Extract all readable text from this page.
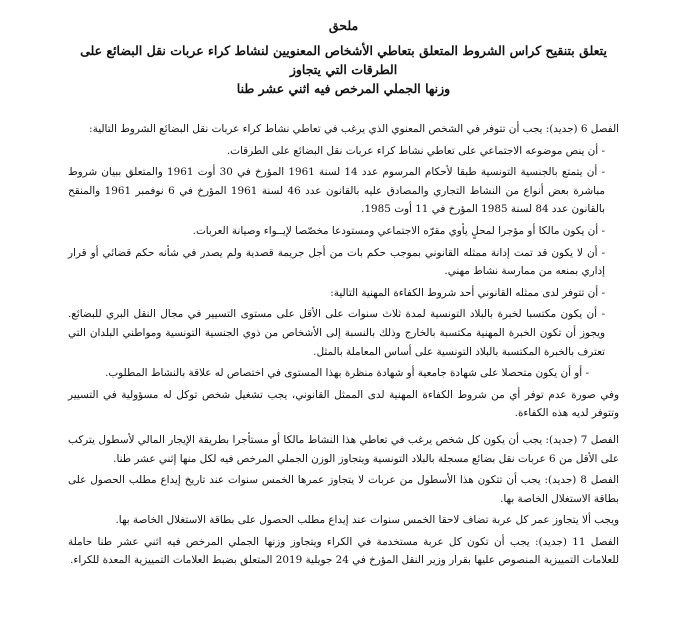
ملحق
يتعلق بتنقيح كراس الشروط المتعلق بتعاطي الأشخاص المعنويين لنشاط كراء عربات نقل البضائع على الطرقات التي يتجاوز
وزنها الجملي المرخص فيه اثني عشر طنا

الفصل 6 (جديد): يجب أن تتوفر في الشخص المعنوي الذي يرغب في تعاطي نشاط كراء عربات نقل البضائع الشروط التالية:

- أن ينص موضوعه الاجتماعي على تعاطي نشاط كراء عربات نقل البضائع على الطرقات.

- أن يتمتع بالجنسية التونسية طبقا لأحكام المرسوم عدد 14 لسنة 1961 المؤرخ في 30 أوت 1961 والمتعلق ببيان شروط مباشرة بعض أنواع من النشاط التجاري والمصادق عليه بالقانون عدد 46 لسنة 1961 المؤرخ في 6 نوفمبر 1961 والمنقح بالقانون عدد 84 لسنة 1985 المؤرخ في 11 أوت 1985.

- أن يكون مالكا أو مؤجرا لمحلٍ يأوي مقرّه الاجتماعي ومستودعا مخصّصا لإيــواء وصيانة العربات.

- أن لا يكون قد تمت إدانة ممثله القانوني بموجب حكم بات من أجل جريمة قصدية ولم يصدر في شأنه حكم قضائي أو قرار إداري بمنعه من ممارسة نشاط مهني.

- أن تتوفر لدى ممثله القانوني أحد شروط الكفاءة المهنية التالية:

- أن يكون مكتسبا لخبرة بالبلاد التونسية لمدة ثلاث سنوات على الأقل على مستوى التسيير في مجال النقل البري للبضائع. ويجوز أن تكون الخبرة المهنية مكتسبة بالخارج وذلك بالنسبة إلى الأشخاص من ذوي الجنسية التونسية ومواطني البلدان التي تعترف بالخبرة المكتسبة بالبلاد التونسية على أساس المعاملة بالمثل.

- أو أن يكون متحصلا على شهادة جامعية أو شهادة منظرة بهذا المستوى في اختصاص له علاقة بالنشاط المطلوب.

وفي صورة عدم توفر أي من شروط الكفاءة المهنية لدى الممثل القانوني، يجب تشغيل شخص توكل له مسؤولية في التسيير وتتوفر لديه هذه الكفاءة.

الفصل 7 (جديد): يجب أن يكون كل شخص يرغب في تعاطي هذا النشاط مالكا أو مستأجرا بطريقة الإيجار المالي لأسطول يتركب على الأقل من 6 عربات نقل بضائع مسجلة بالبلاد التونسية ويتجاوز الوزن الجملي المرخص فيه لكل منها إثني عشر طنا.

الفصل 8 (جديد): يجب أن تتكون هذا الأسطول من عربات لا يتجاوز عمرها الخمس سنوات عند تاريخ إيداع مطلب الحصول على بطاقة الاستغلال الخاصة بها.

ويجب ألا يتجاوز عمر كل عربة تضاف لاحقا الخمس سنوات عند إيداع مطلب الحصول على بطاقة الاستغلال الخاصة بها.

الفصل 11 (جديد): يجب أن تكون كل عربة مستخدمة في الكراء ويتجاوز وزنها الجملي المرخص فيه اثني عشر طنا حاملة للعلامات التمييزية المنصوص عليها بقرار وزير النقل المؤرخ في 24 جويلية 2019 المتعلق بضبط العلامات التمييزية المعدة للكراء.
